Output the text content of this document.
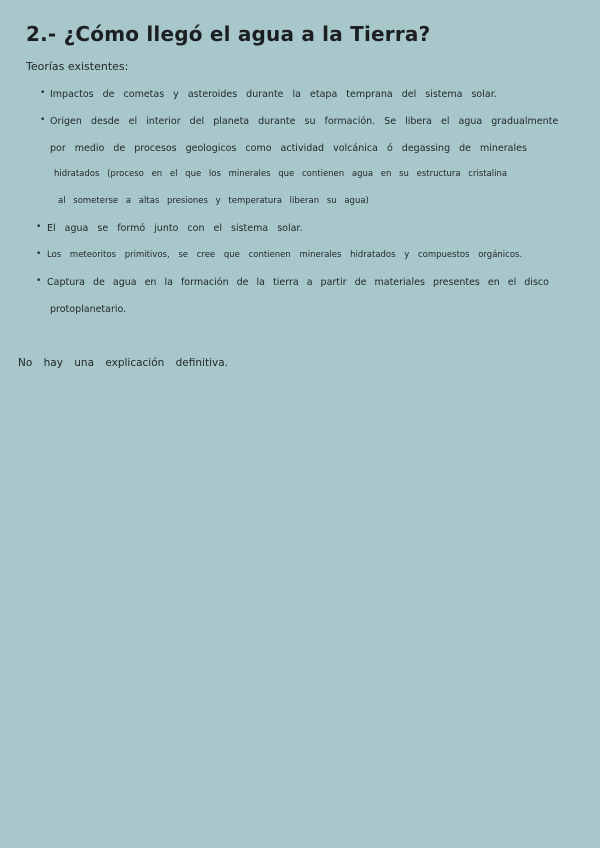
2.- ¿Cómo llegó el agua a la Tierra?
Teorías existentes:
• Impactos de cometas y asteroides durante la etapa temprana del sistema solar.
• Origen desde el interior del planeta durante su formación. Se libera el agua gradualmente
por medio de procesos geologicos como actividad volcánica ó degassing de minerales
hidratados (proceso en el que los minerales que contienen agua en su estructura cristalina
al someterse a altas presiones y temperatura liberan su agua)
• El agua se formó junto con el sistema solar.
• Los meteoritos primitivos, se cree que contienen minerales hidratados y compuestos orgánicos.
• Captura de agua en la formación de la tierra a partir de materiales presentes en el disco
protoplanetario.
No hay una explicación definitiva.
